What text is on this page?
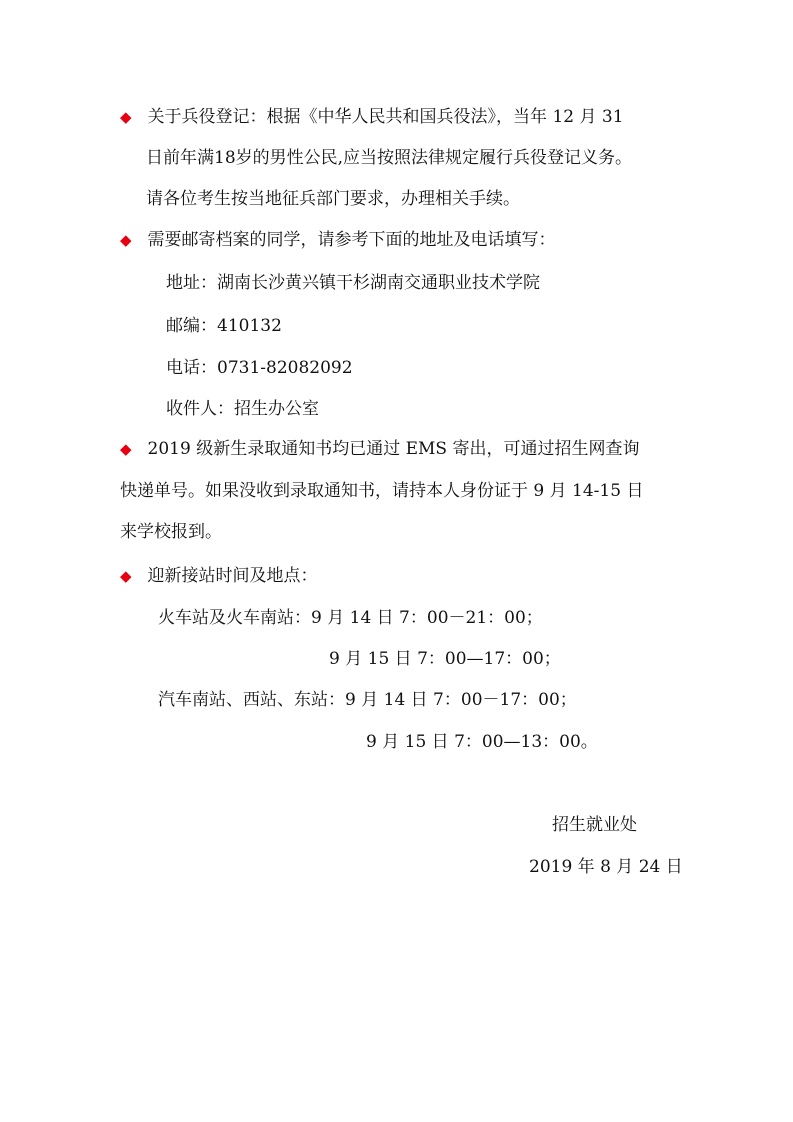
◆ 关于兵役登记：根据《中华人民共和国兵役法》，当年 12 月 31
日前年满18岁的男性公民,应当按照法律规定履行兵役登记义务。
请各位考生按当地征兵部门要求，办理相关手续。
◆ 需要邮寄档案的同学，请参考下面的地址及电话填写：
地址：湖南长沙黄兴镇干杉湖南交通职业技术学院
邮编：410132
电话：0731-82082092
收件人：招生办公室
◆ 2019 级新生录取通知书均已通过 EMS 寄出，可通过招生网查询
快递单号。如果没收到录取通知书，请持本人身份证于 9 月 14-15 日
来学校报到。
◆ 迎新接站时间及地点：
火车站及火车南站：9 月 14 日 7：00－21：00；
9 月 15 日 7：00—17：00；
汽车南站、西站、东站：9 月 14 日 7：00－17：00；
9 月 15 日 7：00—13：00。
招生就业处
2019 年 8 月 24 日
